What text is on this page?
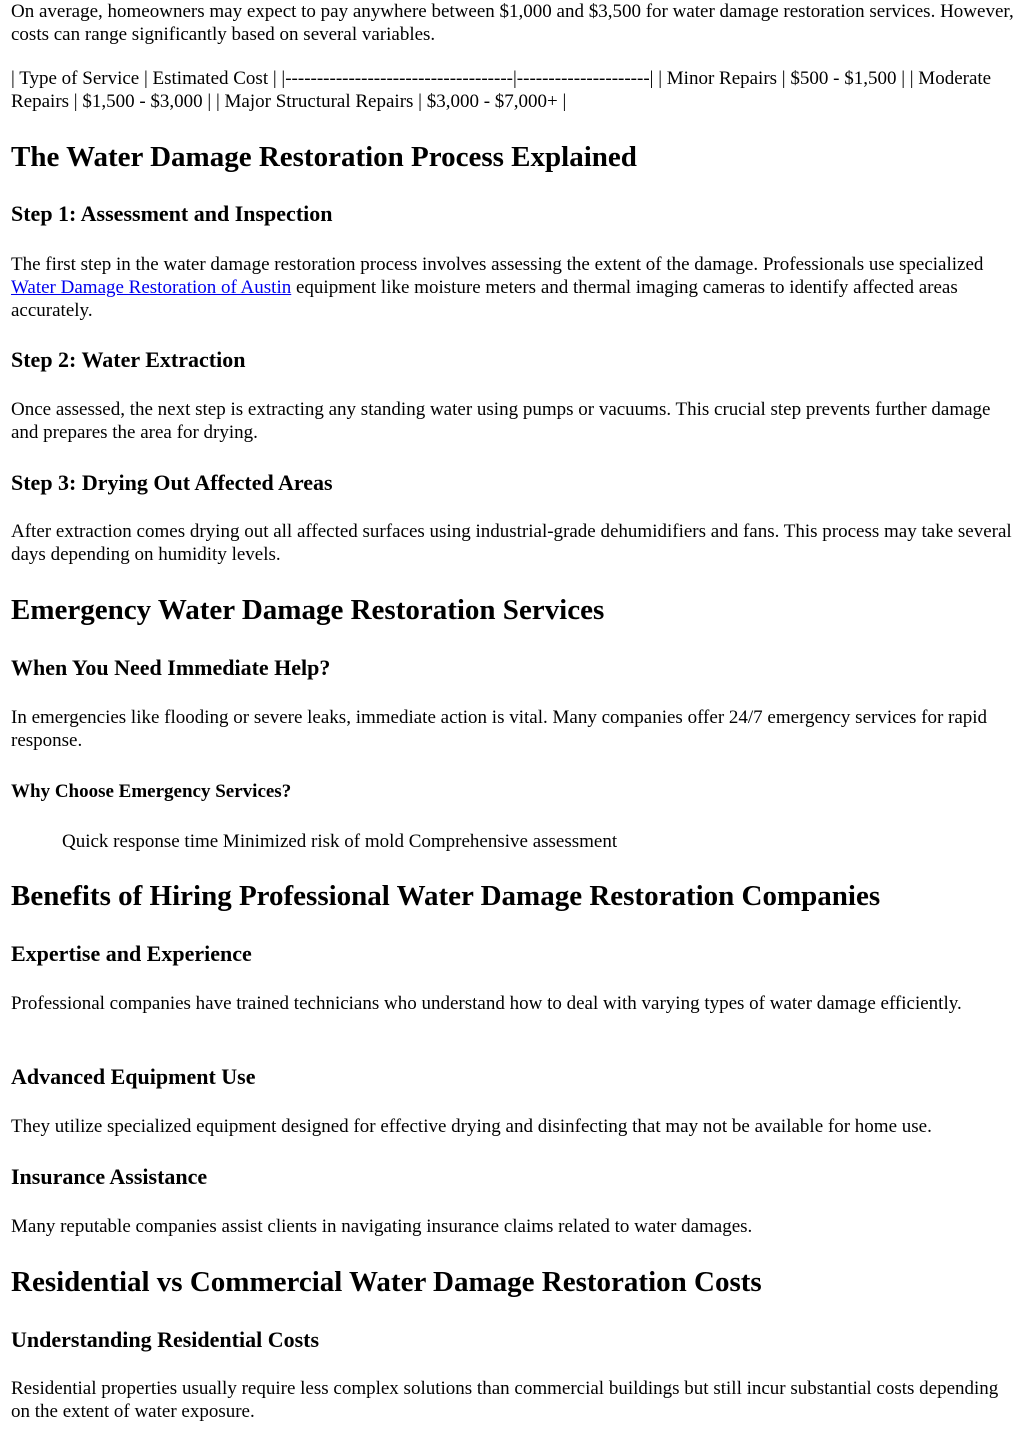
On average, homeowners may expect to pay anywhere between $1,000 and $3,500 for water damage restoration services. However, costs can range significantly based on several variables.

| Type of Service | Estimated Cost | |------------------------------------|---------------------| | Minor Repairs | $500 - $1,500 | | Moderate Repairs | $1,500 - $3,000 | | Major Structural Repairs | $3,000 - $7,000+ |

The Water Damage Restoration Process Explained
Step 1: Assessment and Inspection

The first step in the water damage restoration process involves assessing the extent of the damage. Professionals use specialized Water Damage Restoration of Austin equipment like moisture meters and thermal imaging cameras to identify affected areas accurately.

Step 2: Water Extraction

Once assessed, the next step is extracting any standing water using pumps or vacuums. This crucial step prevents further damage and prepares the area for drying.

Step 3: Drying Out Affected Areas

After extraction comes drying out all affected surfaces using industrial-grade dehumidifiers and fans. This process may take several days depending on humidity levels.

Emergency Water Damage Restoration Services
When You Need Immediate Help?

In emergencies like flooding or severe leaks, immediate action is vital. Many companies offer 24/7 emergency services for rapid response.

Why Choose Emergency Services?

Quick response time Minimized risk of mold Comprehensive assessment

Benefits of Hiring Professional Water Damage Restoration Companies
Expertise and Experience

Professional companies have trained technicians who understand how to deal with varying types of water damage efficiently.

Advanced Equipment Use

They utilize specialized equipment designed for effective drying and disinfecting that may not be available for home use.

Insurance Assistance

Many reputable companies assist clients in navigating insurance claims related to water damages.

Residential vs Commercial Water Damage Restoration Costs
Understanding Residential Costs

Residential properties usually require less complex solutions than commercial buildings but still incur substantial costs depending on the extent of water exposure.
